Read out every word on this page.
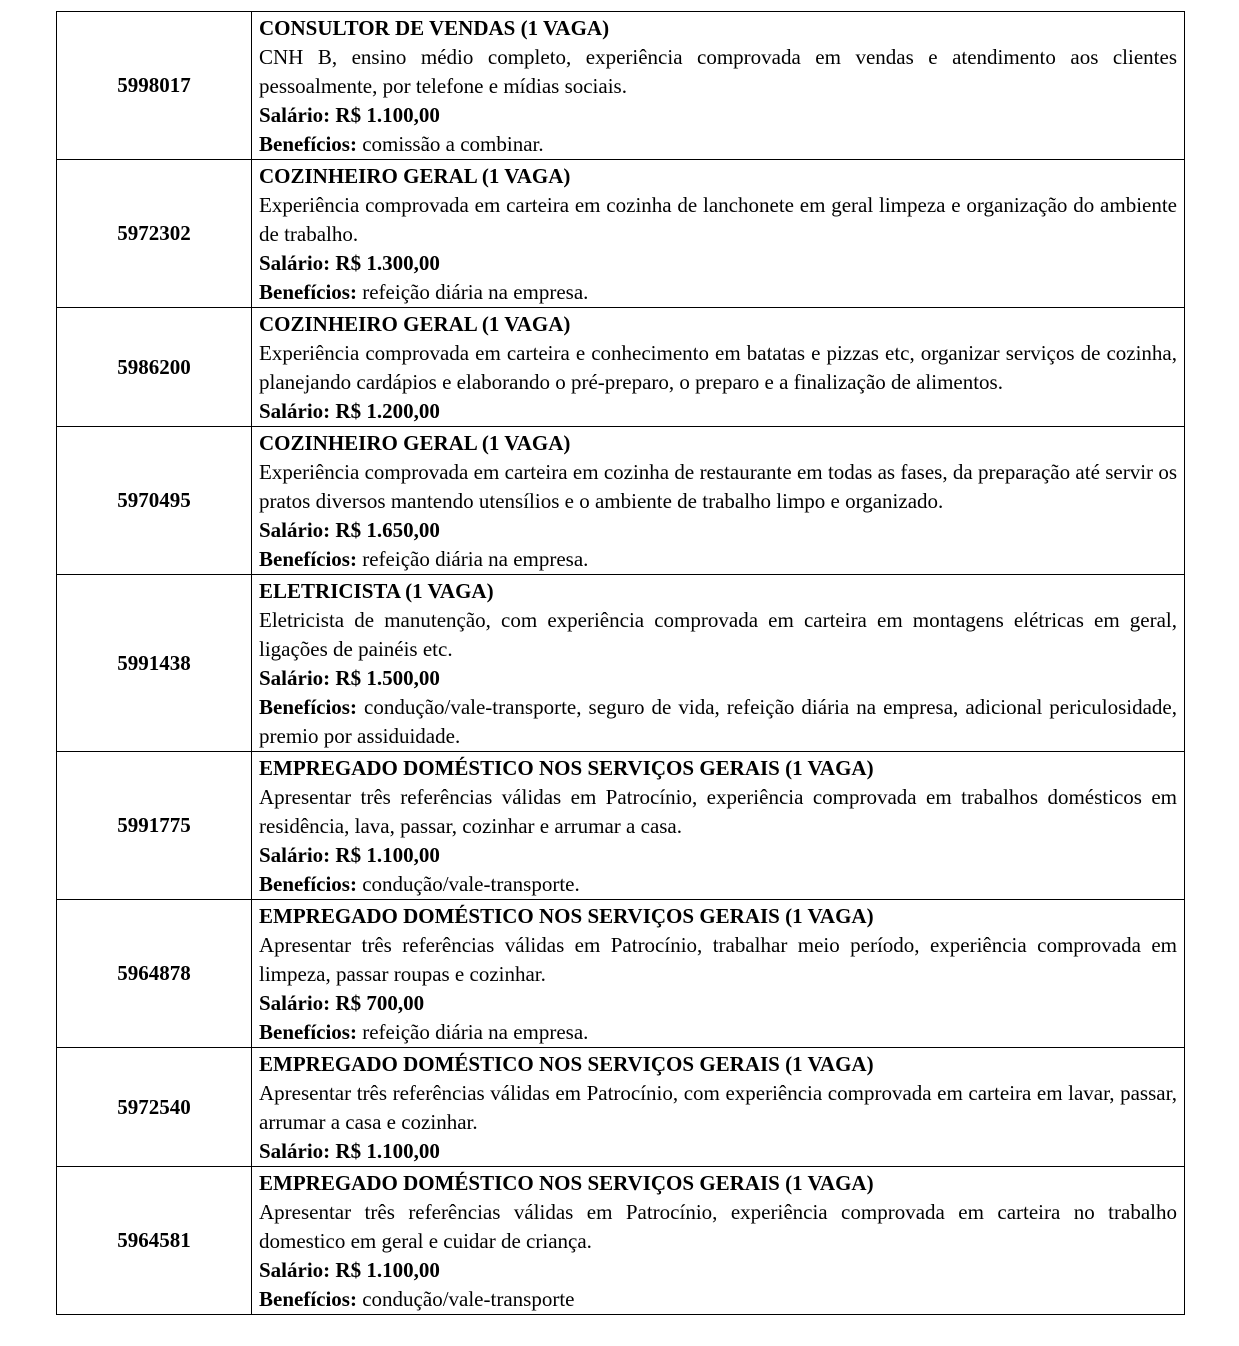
5998017	CONSULTOR DE VENDAS (1 VAGA)
CNH B, ensino médio completo, experiência comprovada em vendas e atendimento aos clientes pessoalmente, por telefone e mídias sociais.
Salário: R$ 1.100,00
Benefícios: comissão a combinar.

5972302	COZINHEIRO GERAL (1 VAGA)
Experiência comprovada em carteira em cozinha de lanchonete em geral limpeza e organização do ambiente de trabalho.
Salário: R$ 1.300,00
Benefícios: refeição diária na empresa.

5986200	COZINHEIRO GERAL (1 VAGA)
Experiência comprovada em carteira e conhecimento em batatas e pizzas etc, organizar serviços de cozinha, planejando cardápios e elaborando o pré-preparo, o preparo e a finalização de alimentos.
Salário: R$ 1.200,00

5970495	COZINHEIRO GERAL (1 VAGA)
Experiência comprovada em carteira em cozinha de restaurante em todas as fases, da preparação até servir os pratos diversos mantendo utensílios e o ambiente de trabalho limpo e organizado.
Salário: R$ 1.650,00
Benefícios: refeição diária na empresa.

5991438	ELETRICISTA (1 VAGA)
Eletricista de manutenção, com experiência comprovada em carteira em montagens elétricas em geral, ligações de painéis etc.
Salário: R$ 1.500,00
Benefícios: condução/vale-transporte, seguro de vida, refeição diária na empresa, adicional periculosidade, premio por assiduidade.

5991775	EMPREGADO DOMÉSTICO NOS SERVIÇOS GERAIS (1 VAGA)
Apresentar três referências válidas em Patrocínio, experiência comprovada em trabalhos domésticos em residência, lava, passar, cozinhar e arrumar a casa.
Salário: R$ 1.100,00
Benefícios: condução/vale-transporte.

5964878	EMPREGADO DOMÉSTICO NOS SERVIÇOS GERAIS (1 VAGA)
Apresentar três referências válidas em Patrocínio, trabalhar meio período, experiência comprovada em limpeza, passar roupas e cozinhar.
Salário: R$ 700,00
Benefícios: refeição diária na empresa.

5972540	EMPREGADO DOMÉSTICO NOS SERVIÇOS GERAIS (1 VAGA)
Apresentar três referências válidas em Patrocínio, com experiência comprovada em carteira em lavar, passar, arrumar a casa e cozinhar.
Salário: R$ 1.100,00

5964581	EMPREGADO DOMÉSTICO NOS SERVIÇOS GERAIS (1 VAGA)
Apresentar três referências válidas em Patrocínio, experiência comprovada em carteira no trabalho domestico em geral e cuidar de criança.
Salário: R$ 1.100,00
Benefícios: condução/vale-transporte
